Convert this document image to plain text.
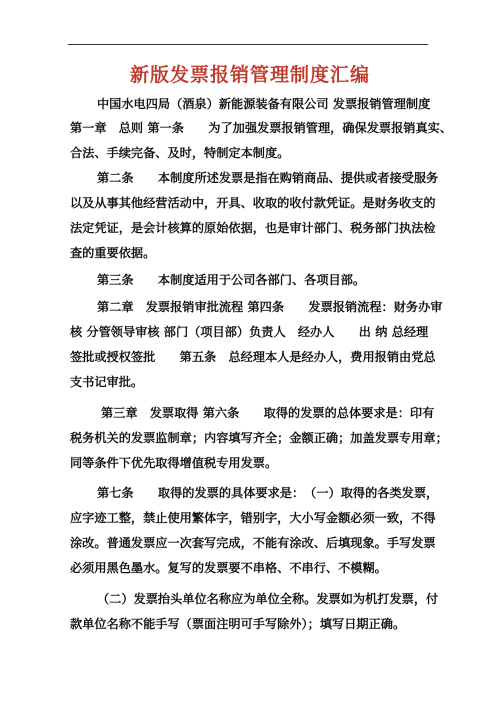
新版发票报销管理制度汇编
中国水电四局（酒泉）新能源装备有限公司 发票报销管理制度
第一章　总则 第一条　　为了加强发票报销管理，确保发票报销真实、
合法、手续完备、及时，特制定本制度。
第二条　　本制度所述发票是指在购销商品、提供或者接受服务
以及从事其他经营活动中，开具、收取的收付款凭证。是财务收支的
法定凭证，是会计核算的原始依据，也是审计部门、税务部门执法检
查的重要依据。
第三条　　本制度适用于公司各部门、各项目部。
第二章　发票报销审批流程 第四条　　发票报销流程：财务办审
核 分管领导审核 部门（项目部）负责人　经办人　　出 纳 总经理
签批或授权签批　　第五条　总经理本人是经办人，费用报销由党总
支书记审批。
第三章　发票取得 第六条　　取得的发票的总体要求是：印有
税务机关的发票监制章；内容填写齐全；金额正确；加盖发票专用章；
同等条件下优先取得增值税专用发票。
第七条　　取得的发票的具体要求是：　（一）取得的各类发票，
应字迹工整，禁止使用繁体字，错别字，大小写金额必须一致，不得
涂改。普通发票应一次套写完成，不能有涂改、后填现象。手写发票
必须用黑色墨水。复写的发票要不串格、不串行、不模糊。
（二）发票抬头单位名称应为单位全称。发票如为机打发票，付
款单位名称不能手写（票面注明可手写除外）；填写日期正确。
